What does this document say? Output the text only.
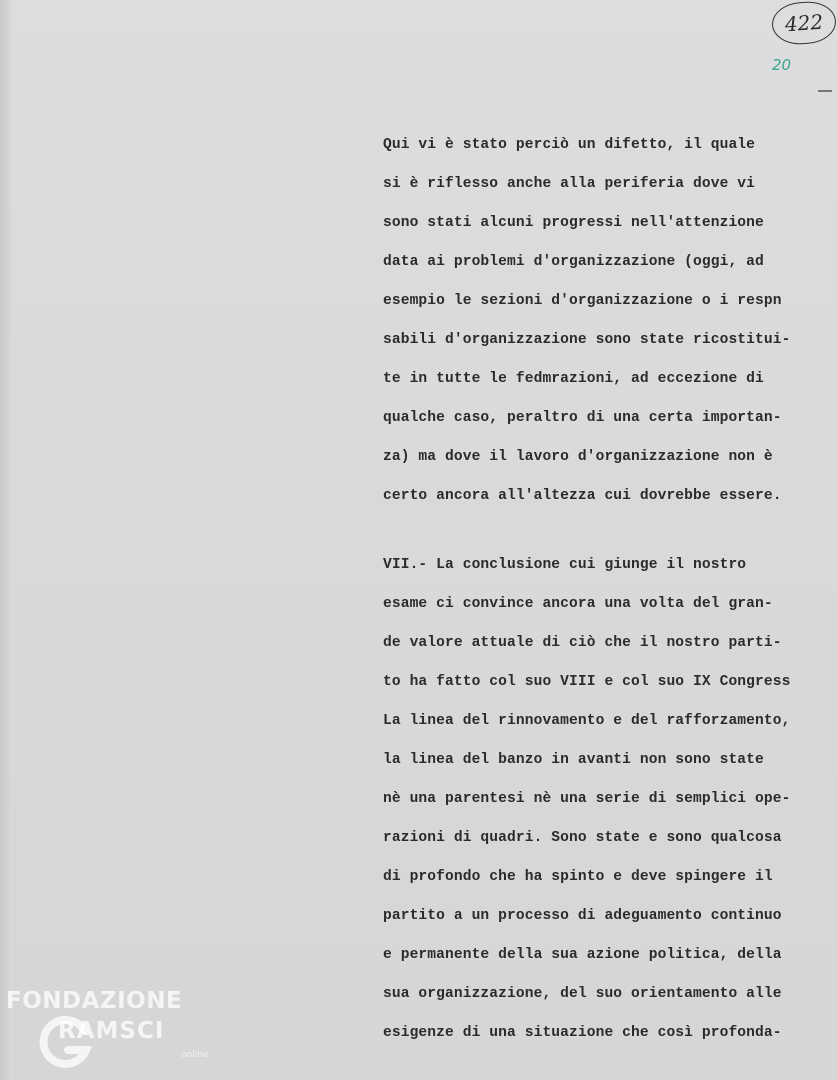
422
20
Qui vi è stato perciò un difetto, il quale
si è riflesso anche alla periferia dove vi
sono stati alcuni progressi nell'attenzione
data ai problemi d'organizzazione (oggi, ad
esempio le sezioni d'organizzazione o i respn
sabili d'organizzazione sono state ricostitui-
te in tutte le fedmrazioni, ad eccezione di
qualche caso, peraltro di una certa importan-
za) ma dove il lavoro d'organizzazione non è
certo ancora all'altezza cui dovrebbe essere.
VII.- La conclusione cui giunge il nostro
esame ci convince ancora una volta del gran-
de valore attuale di ciò che il nostro parti-
to ha fatto col suo VIII e col suo IX Congress
La linea del rinnovamento e del rafforzamento,
la linea del banzo in avanti non sono state
nè una parentesi nè una serie di semplici ope-
razioni di quadri. Sono state e sono qualcosa
di profondo che ha spinto e deve spingere il
partito a un processo di adeguamento continuo
e permanente della sua azione politica, della
sua organizzazione, del suo orientamento alle
esigenze di una situazione che così profonda-
FONDAZIONE
RAMSCI
online
